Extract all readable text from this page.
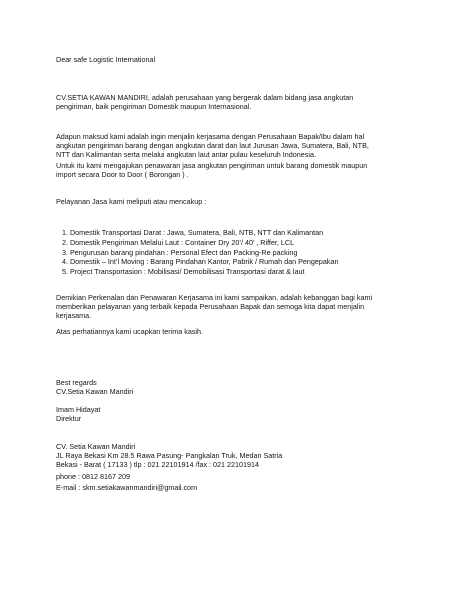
Dear safe Logistic International
CV.SETIA KAWAN MANDIRI, adalah perusahaan yang bergerak dalam bidang jasa angkutan
pengiriman, baik pengiriman Domestik maupun Internasional.
Adapun maksud kami adalah ingin menjalin kerjasama dengan Perusahaan Bapak/Ibu dalam hal
angkutan pengiriman barang dengan angkutan darat dan laut Jurusan Jawa, Sumatera, Bali, NTB,
NTT dan Kalimantan serta melalui angkutan laut antar pulau keseluruh Indonesia.
Untuk itu kami mengajukan penawaran jasa angkutan pengiriman untuk barang domestik maupun
import secara Door to Door ( Borongan ) .
Pelayanan Jasa kami meliputi atau mencakup :
1. Domestik Transportasi Darat : Jawa, Sumatera, Bali, NTB, NTT dan Kalimantan
2. Domestik Pengiriman Melalui Laut : Container Dry 20’/ 40’ , Riffer, LCL
3. Pengurusan barang pindahan : Personal Efect dan Packing-Re packing
4. Domestik – Int’l Moving : Barang Pindahan Kantor, Pabrik / Rumah dan Pengepakan
5. Project Transportasion : Mobilisasi/ Demobilisasi Transportasi darat & laut
Demikian Perkenalan dan Penawaran Kerjasama ini kami sampaikan, adalah kebanggan bagi kami
memberikan pelayanan yang terbaik kepada Perusahaan Bapak dan semoga kita dapat menjalin
kerjasama.
Atas perhatiannya kami ucapkan terima kasih.
Best regards
CV.Setia Kawan Mandiri
Imam Hidayat
Direktur
CV. Setia Kawan Mandiri
JL Raya Bekasi Km 28.5 Rawa Pasung- Pangkalan Truk, Medan Satria
Bekasi - Barat ( 17133 ) tlp : 021 22101914 /fax : 021 22101914
phone : 0812 8167 209
E-mail : skm.setiakawanmandiri@gmail.com
